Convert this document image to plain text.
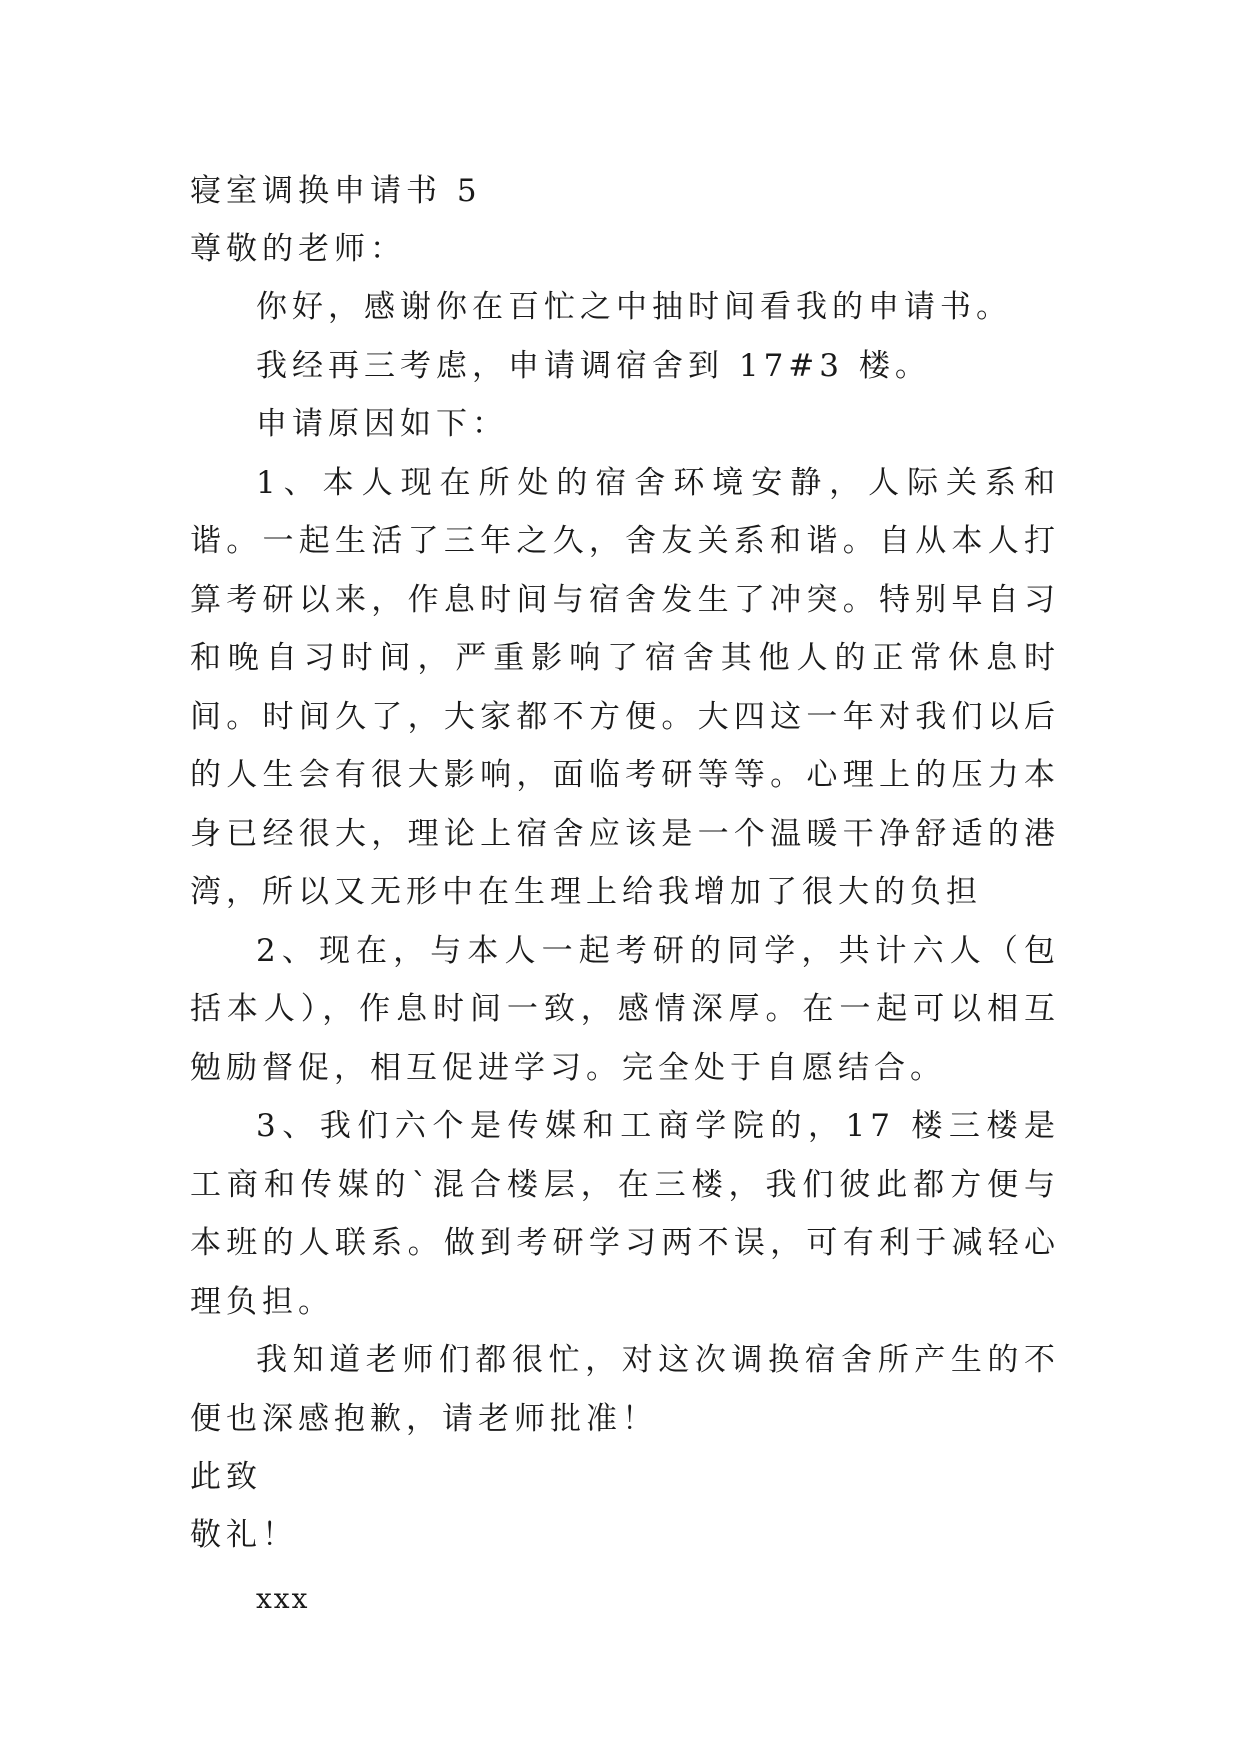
寝室调换申请书 5
尊敬的老师：

你好，感谢你在百忙之中抽时间看我的申请书。

我经再三考虑，申请调宿舍到 17#3 楼。

申请原因如下：

1、本人现在所处的宿舍环境安静，人际关系和谐。一起生活了三年之久，舍友关系和谐。自从本人打算考研以来，作息时间与宿舍发生了冲突。特别早自习和晚自习时间，严重影响了宿舍其他人的正常休息时间。时间久了，大家都不方便。大四这一年对我们以后的人生会有很大影响，面临考研等等。心理上的压力本身已经很大，理论上宿舍应该是一个温暖干净舒适的港湾，所以又无形中在生理上给我增加了很大的负担

2、现在，与本人一起考研的同学，共计六人（包括本人），作息时间一致，感情深厚。在一起可以相互勉励督促，相互促进学习。完全处于自愿结合。

3、我们六个是传媒和工商学院的，17 楼三楼是工商和传媒的`混合楼层，在三楼，我们彼此都方便与本班的人联系。做到考研学习两不误，可有利于减轻心理负担。

我知道老师们都很忙，对这次调换宿舍所产生的不便也深感抱歉，请老师批准！

此致
敬礼！
xxx
